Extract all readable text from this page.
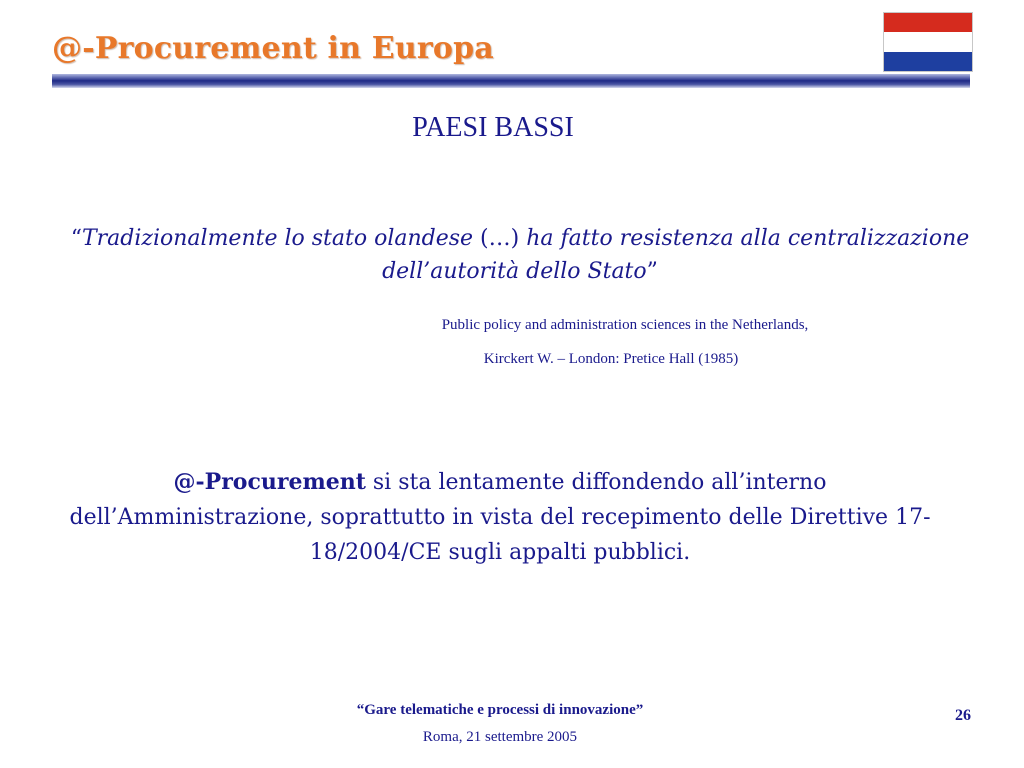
@-Procurement in Europa
PAESI BASSI
“Tradizionalmente lo stato olandese (…) ha fatto resistenza alla centralizzazione dell’autorità dello Stato”
Public policy and administration sciences in the Netherlands,
Kirckert W. – London: Pretice Hall (1985)
@-Procurement si sta lentamente diffondendo all’interno dell’Amministrazione, soprattutto in vista del recepimento delle Direttive 17-18/2004/CE sugli appalti pubblici.
“Gare telematiche e processi di innovazione”
Roma, 21 settembre 2005
26
